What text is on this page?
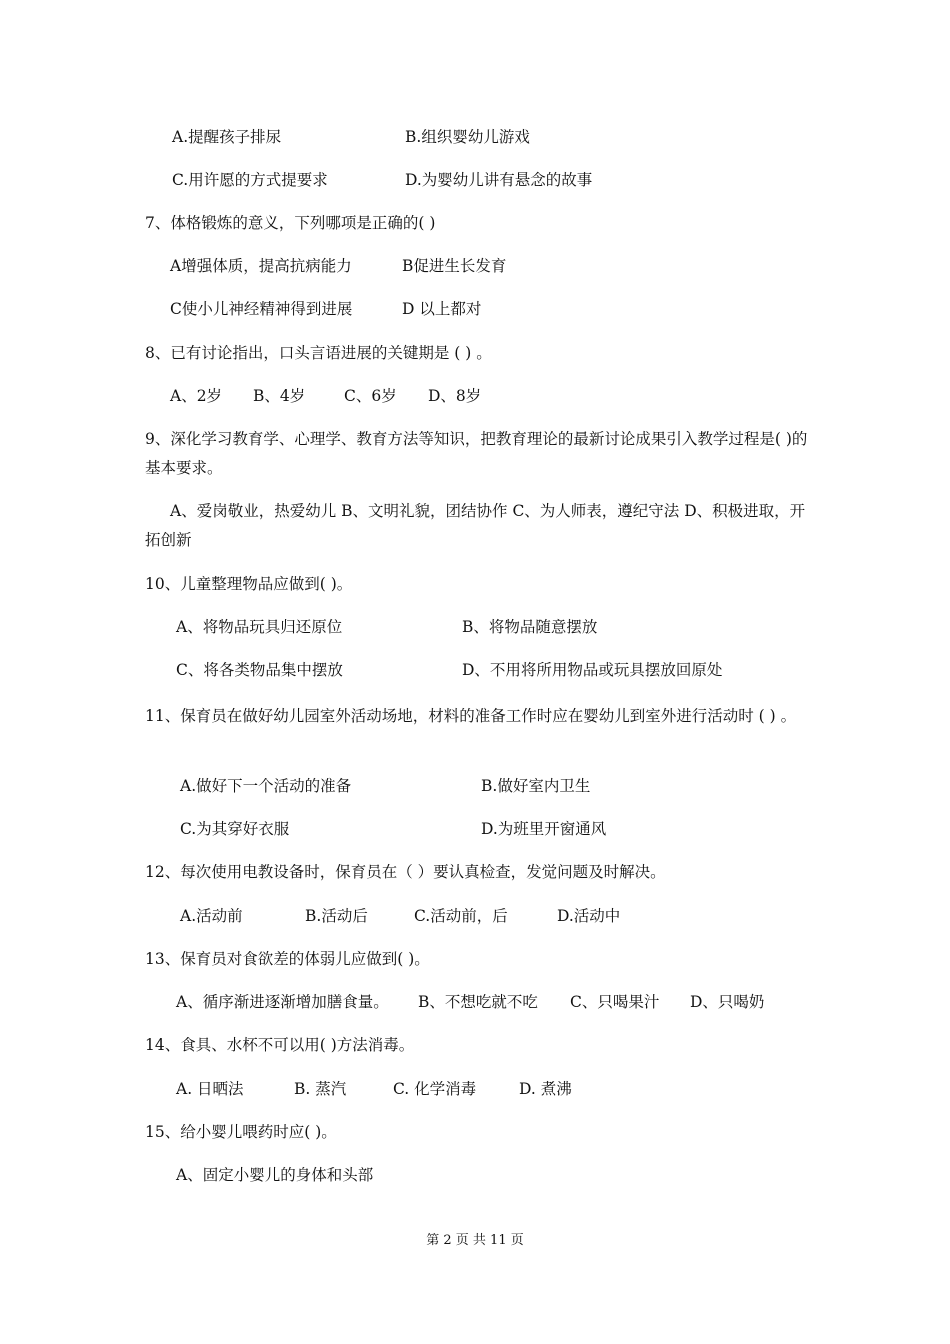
A.提醒孩子排尿	B.组织婴幼儿游戏
C.用许愿的方式提要求	D.为婴幼儿讲有悬念的故事
7、体格锻炼的意义，下列哪项是正确的( )
A增强体质，提高抗病能力	B促进生长发育
C使小儿神经精神得到进展	D 以上都对
8、已有讨论指出，口头言语进展的关键期是 ( ) 。
A、2岁 B、4岁 C、6岁 D、8岁
9、深化学习教育学、心理学、教育方法等知识，把教育理论的最新讨论成果引入教学过程是( )的基本要求。
A、爱岗敬业，热爱幼儿 B、文明礼貌，团结协作 C、为人师表，遵纪守法 D、积极进取，开拓创新
10、儿童整理物品应做到( )。
A、将物品玩具归还原位	B、将物品随意摆放
C、将各类物品集中摆放	D、不用将所用物品或玩具摆放回原处
11、保育员在做好幼儿园室外活动场地，材料的准备工作时应在婴幼儿到室外进行活动时 ( ) 。
A.做好下一个活动的准备	B.做好室内卫生
C.为其穿好衣服	D.为班里开窗通风
12、每次使用电教设备时，保育员在（ ）要认真检查，发觉问题及时解决。
A.活动前	B.活动后	C.活动前，后	D.活动中
13、保育员对食欲差的体弱儿应做到( )。
A、循序渐进逐渐增加膳食量。 B、不想吃就不吃 C、只喝果汁 D、只喝奶
14、食具、水杯不可以用( )方法消毒。
A. 日晒法	B. 蒸汽	C. 化学消毒	D. 煮沸
15、给小婴儿喂药时应( )。
A、固定小婴儿的身体和头部
第 2 页 共 11 页
